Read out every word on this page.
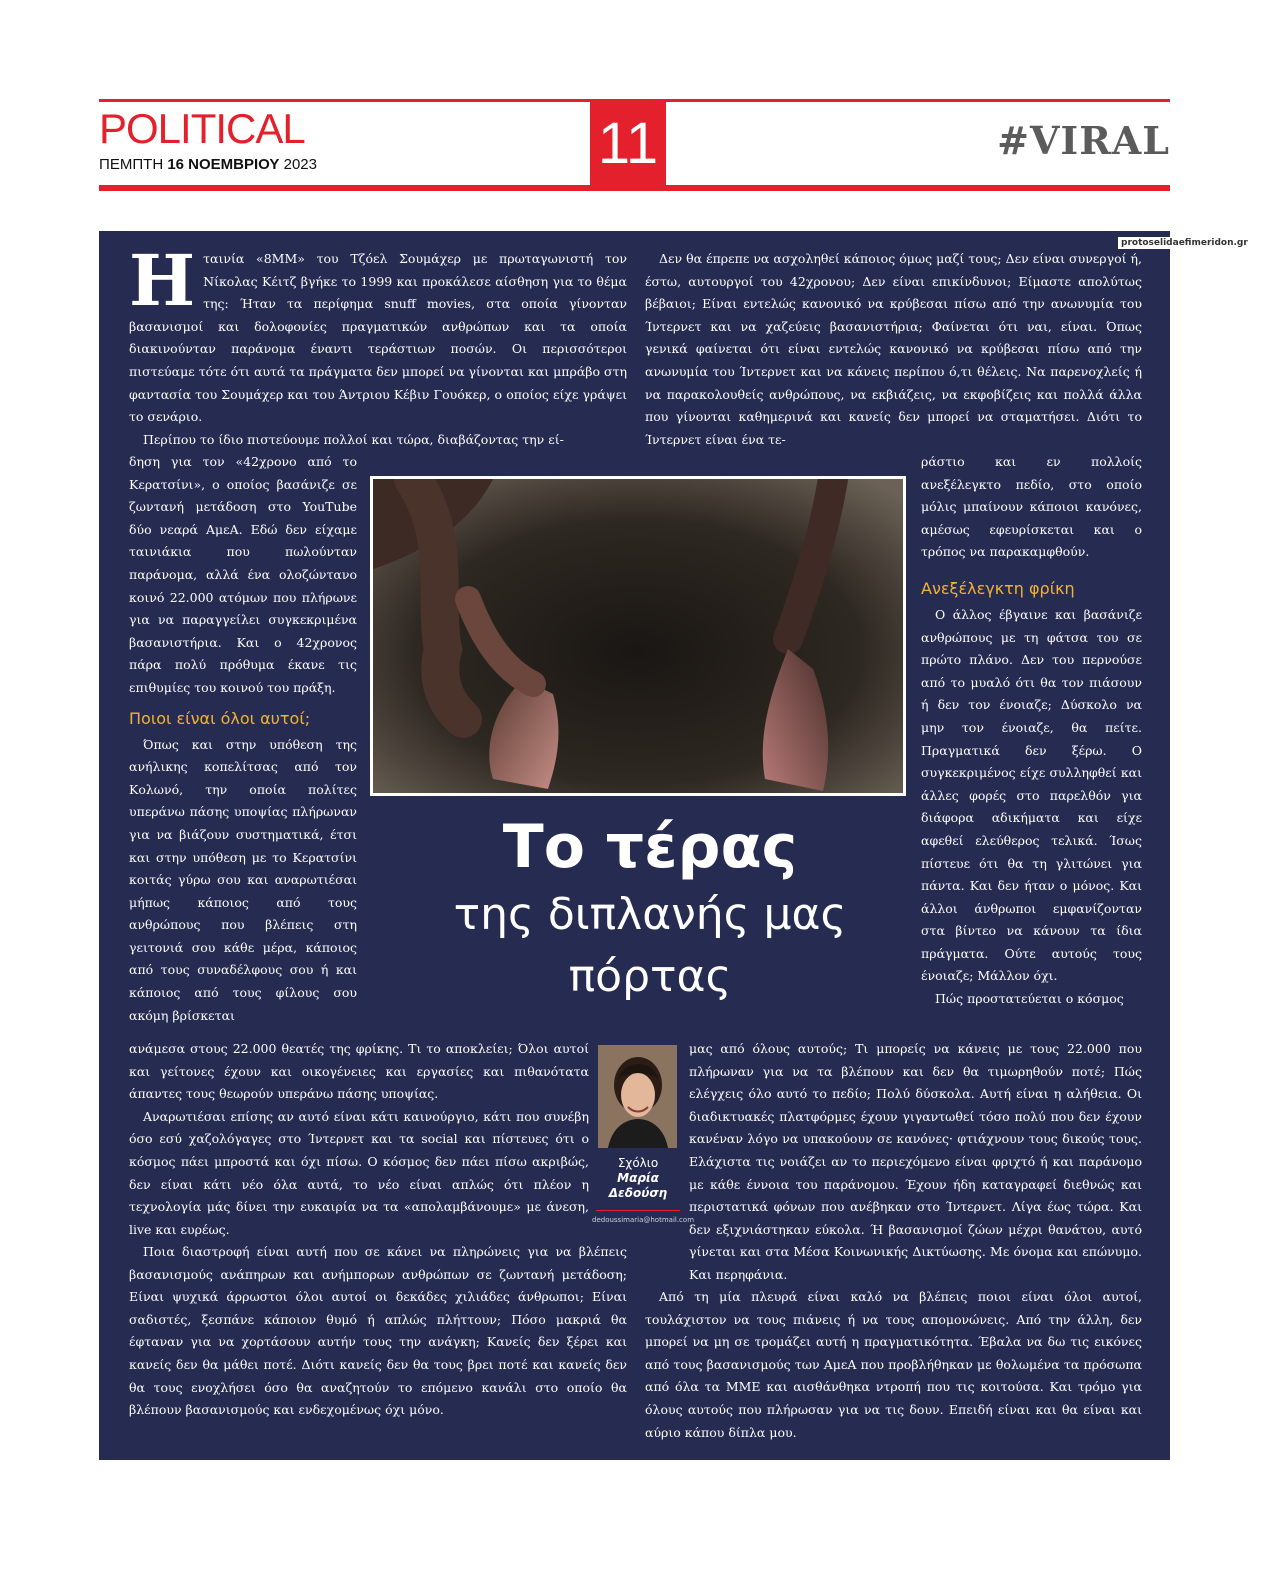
POLITICAL
ΠΕΜΠΤΗ 16 ΝΟΕΜΒΡΙΟΥ 2023	11	#VIRAL
protoselidaefimeridon.gr
Η ταινία «8MM» του Τζόελ Σουμάχερ με πρωταγωνιστή τον Νίκολας Κέιτζ βγήκε το 1999 και προκάλεσε αίσθηση για το θέμα της: Ήταν τα περίφημα snuff movies, στα οποία γίνονταν βασανισμοί και δολοφονίες πραγματικών ανθρώπων και τα οποία διακινούνταν παράνομα έναντι τεράστιων ποσών. Οι περισσότεροι πιστεύαμε τότε ότι αυτά τα πράγματα δεν μπορεί να γίνονται και μπράβο στη φαντασία του Σουμάχερ και του Άντριου Κέβιν Γουόκερ, ο οποίος είχε γράψει το σενάριο.

Περίπου το ίδιο πιστεύουμε πολλοί και τώρα, διαβάζοντας την εί-

δηση για τον «42χρονο από το Κερατσίνι», ο οποίος βασάνιζε σε ζωντανή μετάδοση στο YouTube δύο νεαρά ΑμεΑ. Εδώ δεν είχαμε ταινιάκια που πωλούνταν παράνομα, αλλά ένα ολοζώντανο κοινό 22.000 ατόμων που πλήρωνε για να παραγγείλει συγκεκριμένα βασανιστήρια. Και ο 42χρονος πάρα πολύ πρόθυμα έκανε τις επιθυμίες του κοινού του πράξη.

Ποιοι είναι όλοι αυτοί;

Όπως και στην υπόθεση της ανήλικης κοπελίτσας από τον Κολωνό, την οποία πολίτες υπεράνω πάσης υποψίας πλήρωναν για να βιάζουν συστηματικά, έτσι και στην υπόθεση με το Κερατσίνι κοιτάς γύρω σου και αναρωτιέσαι μήπως κάποιος από τους ανθρώπους που βλέπεις στη γειτονιά σου κάθε μέρα, κάποιος από τους συναδέλφους σου ή και κάποιος από τους φίλους σου ακόμη βρίσκεται

ανάμεσα στους 22.000 θεατές της φρίκης. Τι το αποκλείει; Όλοι αυτοί και γείτονες έχουν και οικογένειες και εργασίες και πιθανότατα άπαντες τους θεωρούν υπεράνω πάσης υποψίας.

Αναρωτιέσαι επίσης αν αυτό είναι κάτι καινούργιο, κάτι που συνέβη όσο εσύ χαζολόγαγες στο Ίντερνετ και τα social και πίστευες ότι ο κόσμος πάει μπροστά και όχι πίσω. Ο κόσμος δεν πάει πίσω ακριβώς, δεν είναι κάτι νέο όλα αυτά, το νέο είναι απλώς ότι πλέον η τεχνολογία μάς δίνει την ευκαιρία να τα «απολαμβάνουμε» με άνεση, live και ευρέως.

Ποια διαστροφή είναι αυτή που σε κάνει να πληρώνεις για να βλέπεις βασανισμούς ανάπηρων και ανήμπορων ανθρώπων σε ζωντανή μετάδοση; Είναι ψυχικά άρρωστοι όλοι αυτοί οι δεκάδες χιλιάδες άνθρωποι; Είναι σαδιστές, ξεσπάνε κάποιον θυμό ή απλώς πλήττουν; Πόσο μακριά θα έφταναν για να χορτάσουν αυτήν τους την ανάγκη; Κανείς δεν ξέρει και κανείς δεν θα μάθει ποτέ. Διότι κανείς δεν θα τους βρει ποτέ και κανείς δεν θα τους ενοχλήσει όσο θα αναζητούν το επόμενο κανάλι στο οποίο θα βλέπουν βασανισμούς και ενδεχομένως όχι μόνο.

Δεν θα έπρεπε να ασχοληθεί κάποιος όμως μαζί τους; Δεν είναι συνεργοί ή, έστω, αυτουργοί του 42χρονου; Δεν είναι επικίνδυνοι; Είμαστε απολύτως βέβαιοι; Είναι εντελώς κανονικό να κρύβεσαι πίσω από την ανωνυμία του Ίντερνετ και να χαζεύεις βασανιστήρια; Φαίνεται ότι ναι, είναι. Όπως γενικά φαίνεται ότι είναι εντελώς κανονικό να κρύβεσαι πίσω από την ανωνυμία του Ίντερνετ και να κάνεις περίπου ό,τι θέλεις. Να παρενοχλείς ή να παρακολουθείς ανθρώπους, να εκβιάζεις, να εκφοβίζεις και πολλά άλλα που γίνονται καθημερινά και κανείς δεν μπορεί να σταματήσει. Διότι το Ίντερνετ είναι ένα τε-

ράστιο και εν πολλοίς ανεξέλεγκτο πεδίο, στο οποίο μόλις μπαίνουν κάποιοι κανόνες, αμέσως εφευρίσκεται και ο τρόπος να παρακαμφθούν.

Ανεξέλεγκτη φρίκη

Ο άλλος έβγαινε και βασάνιζε ανθρώπους με τη φάτσα του σε πρώτο πλάνο. Δεν του περνούσε από το μυαλό ότι θα τον πιάσουν ή δεν τον ένοιαζε; Δύσκολο να μην τον ένοιαζε, θα πείτε. Πραγματικά δεν ξέρω. Ο συγκεκριμένος είχε συλληφθεί και άλλες φορές στο παρελθόν για διάφορα αδικήματα και είχε αφεθεί ελεύθερος τελικά. Ίσως πίστευε ότι θα τη γλιτώνει για πάντα. Και δεν ήταν ο μόνος. Και άλλοι άνθρωποι εμφανίζονταν στα βίντεο να κάνουν τα ίδια πράγματα. Ούτε αυτούς τους ένοιαζε; Μάλλον όχι.

Πώς προστατεύεται ο κόσμος

μας από όλους αυτούς; Τι μπορείς να κάνεις με τους 22.000 που πλήρωναν για να τα βλέπουν και δεν θα τιμωρηθούν ποτέ; Πώς ελέγχεις όλο αυτό το πεδίο; Πολύ δύσκολα. Αυτή είναι η αλήθεια. Οι διαδικτυακές πλατφόρμες έχουν γιγαντωθεί τόσο πολύ που δεν έχουν κανέναν λόγο να υπακούουν σε κανόνες· φτιάχνουν τους δικούς τους. Ελάχιστα τις νοιάζει αν το περιεχόμενο είναι φριχτό ή και παράνομο με κάθε έννοια του παράνομου. Έχουν ήδη καταγραφεί διεθνώς και περιστατικά φόνων που ανέβηκαν στο Ίντερνετ. Λίγα έως τώρα. Και δεν εξιχνιάστηκαν εύκολα. Ή βασανισμοί ζώων μέχρι θανάτου, αυτό γίνεται και στα Μέσα Κοινωνικής Δικτύωσης. Με όνομα και επώνυμο. Και περηφάνια.

Από τη μία πλευρά είναι καλό να βλέπεις ποιοι είναι όλοι αυτοί, τουλάχιστον να τους πιάνεις ή να τους απομονώνεις. Από την άλλη, δεν μπορεί να μη σε τρομάζει αυτή η πραγματικότητα. Έβαλα να δω τις εικόνες από τους βασανισμούς των ΑμεΑ που προβλήθηκαν με θολωμένα τα πρόσωπα από όλα τα ΜΜΕ και αισθάνθηκα ντροπή που τις κοιτούσα. Και τρόμο για όλους αυτούς που πλήρωσαν για να τις δουν. Επειδή είναι και θα είναι και αύριο κάπου δίπλα μου.

Το τέρας
της διπλανής μας
πόρτας
Σχόλιο
Μαρία
Δεδούση
dedoussimaria@hotmail.com
